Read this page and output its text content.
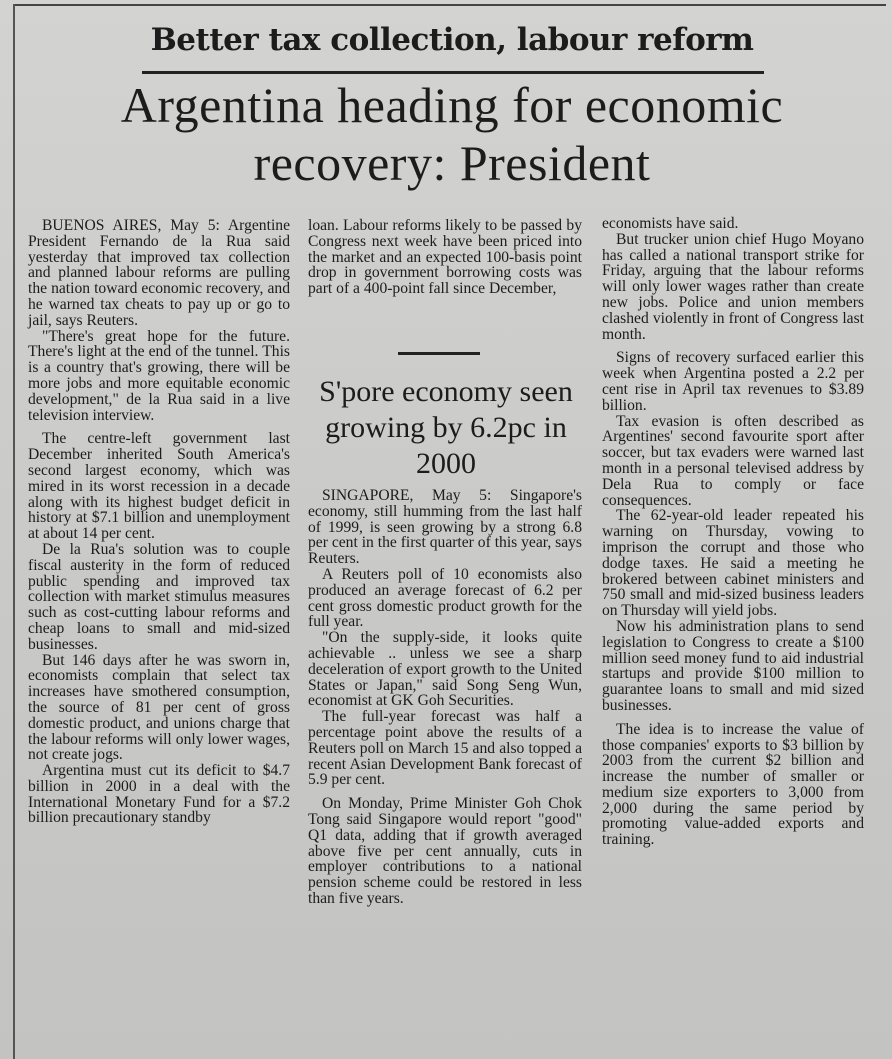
Better tax collection, labour reform
Argentina heading for economic recovery: President

BUENOS AIRES, May 5: Argentine President Fernando de la Rua said yesterday that improved tax collection and planned labour reforms are pulling the nation toward economic recovery, and he warned tax cheats to pay up or go to jail, says Reuters.

"There's great hope for the future. There's light at the end of the tunnel. This is a country that's growing, there will be more jobs and more equitable economic development," de la Rua said in a live television interview.

The centre-left government last December inherited South America's second largest economy, which was mired in its worst recession in a decade along with its highest budget deficit in history at $7.1 billion and unemployment at about 14 per cent.

De la Rua's solution was to couple fiscal austerity in the form of reduced public spending and improved tax collection with market stimulus measures such as cost-cutting labour reforms and cheap loans to small and mid-sized businesses.

But 146 days after he was sworn in, economists complain that select tax increases have smothered consumption, the source of 81 per cent of gross domestic product, and unions charge that the labour reforms will only lower wages, not create jogs.

Argentina must cut its deficit to $4.7 billion in 2000 in a deal with the International Monetary Fund for a $7.2 billion precautionary standby

loan. Labour reforms likely to be passed by Congress next week have been priced into the market and an expected 100-basis point drop in government borrowing costs was part of a 400-point fall since December,

S'pore economy seen growing by 6.2pc in 2000

SINGAPORE, May 5: Singapore's economy, still humming from the last half of 1999, is seen growing by a strong 6.8 per cent in the first quarter of this year, says Reuters.

A Reuters poll of 10 economists also produced an average forecast of 6.2 per cent gross domestic product growth for the full year.

"On the supply-side, it looks quite achievable .. unless we see a sharp deceleration of export growth to the United States or Japan," said Song Seng Wun, economist at GK Goh Securities.

The full-year forecast was half a percentage point above the results of a Reuters poll on March 15 and also topped a recent Asian Development Bank forecast of 5.9 per cent.

On Monday, Prime Minister Goh Chok Tong said Singapore would report "good" Q1 data, adding that if growth averaged above five per cent annually, cuts in employer contributions to a national pension scheme could be restored in less than five years.

economists have said.

But trucker union chief Hugo Moyano has called a national transport strike for Friday, arguing that the labour reforms will only lower wages rather than create new jobs. Police and union members clashed violently in front of Congress last month.

Signs of recovery surfaced earlier this week when Argentina posted a 2.2 per cent rise in April tax revenues to $3.89 billion.

Tax evasion is often described as Argentines' second favourite sport after soccer, but tax evaders were warned last month in a personal televised address by Dela Rua to comply or face consequences.

The 62-year-old leader repeated his warning on Thursday, vowing to imprison the corrupt and those who dodge taxes. He said a meeting he brokered between cabinet ministers and 750 small and mid-sized business leaders on Thursday will yield jobs.

Now his administration plans to send legislation to Congress to create a $100 million seed money fund to aid industrial startups and provide $100 million to guarantee loans to small and mid sized businesses.

The idea is to increase the value of those companies' exports to $3 billion by 2003 from the current $2 billion and increase the number of smaller or medium size exporters to 3,000 from 2,000 during the same period by promoting value-added exports and training.
